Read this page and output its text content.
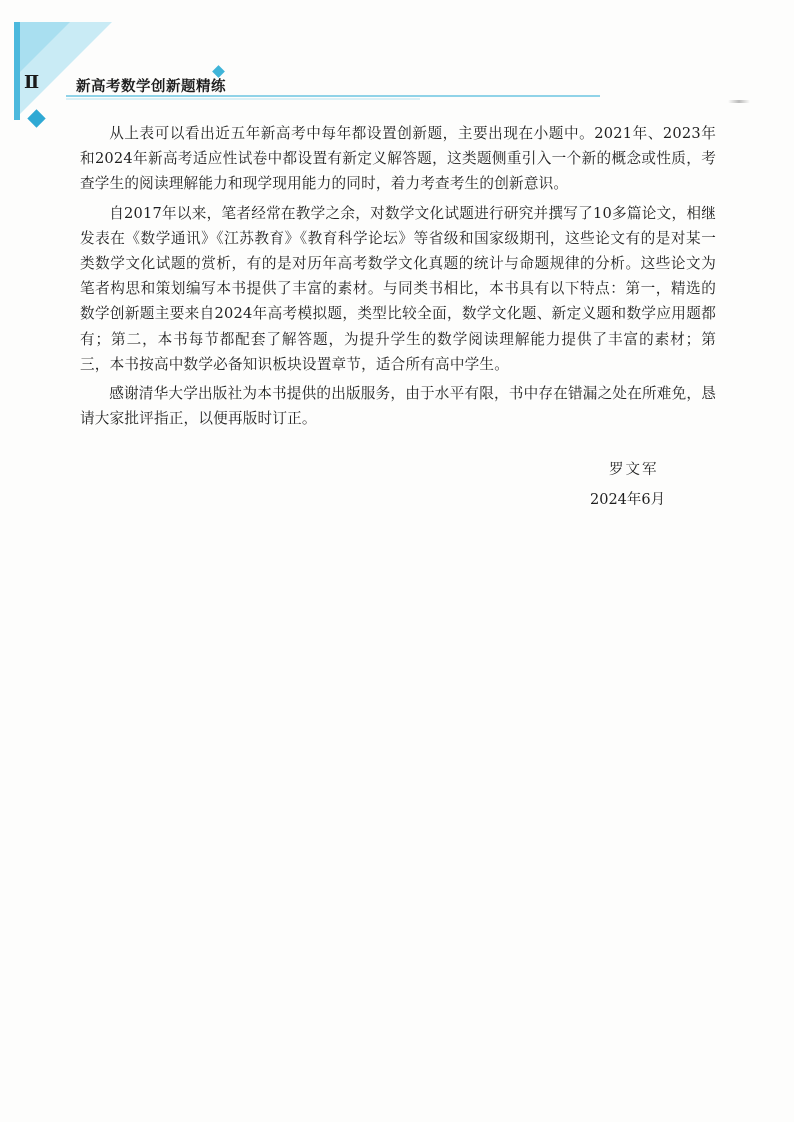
Ⅱ	新高考数学创新题精练

从上表可以看出近五年新高考中每年都设置创新题，主要出现在小题中。2021年、2023年和2024年新高考适应性试卷中都设置有新定义解答题，这类题侧重引入一个新的概念或性质，考查学生的阅读理解能力和现学现用能力的同时，着力考查考生的创新意识。

自2017年以来，笔者经常在教学之余，对数学文化试题进行研究并撰写了10多篇论文，相继发表在《数学通讯》《江苏教育》《教育科学论坛》等省级和国家级期刊，这些论文有的是对某一类数学文化试题的赏析，有的是对历年高考数学文化真题的统计与命题规律的分析。这些论文为笔者构思和策划编写本书提供了丰富的素材。与同类书相比，本书具有以下特点：第一，精选的数学创新题主要来自2024年高考模拟题，类型比较全面，数学文化题、新定义题和数学应用题都有；第二，本书每节都配套了解答题，为提升学生的数学阅读理解能力提供了丰富的素材；第三，本书按高中数学必备知识板块设置章节，适合所有高中学生。

感谢清华大学出版社为本书提供的出版服务，由于水平有限，书中存在错漏之处在所难免，恳请大家批评指正，以便再版时订正。

罗文军
2024年6月
